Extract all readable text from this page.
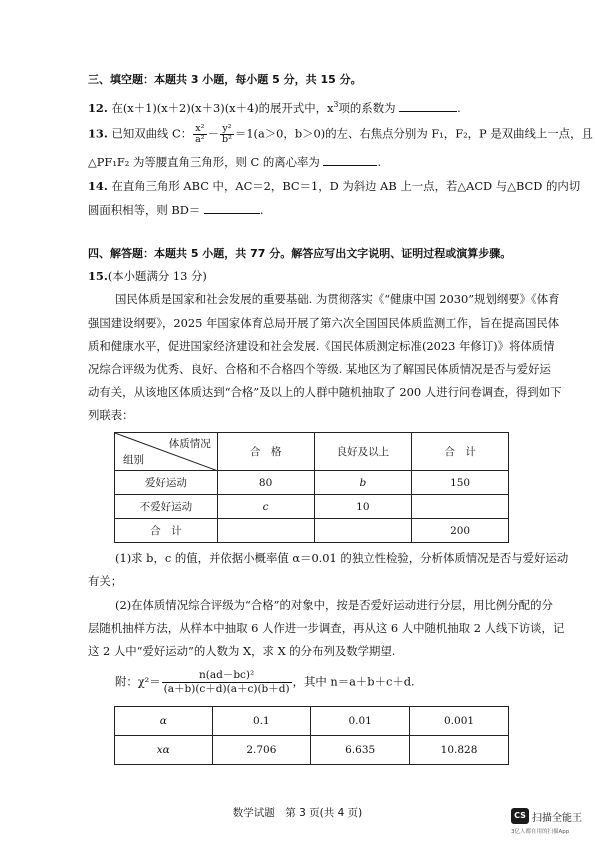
三、填空题：本题共 3 小题，每小题 5 分，共 15 分。
12. 在(x＋1)(x＋2)(x＋3)(x＋4)的展开式中，$x^3$项的系数为	.
13. 已知双曲线 C： $\frac{\text{x²}}{\text{a²}} - \frac{\text{y²}}{\text{b²}} =1(a>0$，b＞0)的左、右焦点分别为 F₁，F₂，P 是双曲线上一点，且
△PF₁F₂ 为等腰直角三角形，则 C 的离心率为	.
14. 在直角三角形 ABC 中，AC＝2，BC＝1，D 为斜边 AB 上一点，若△ACD 与△BCD 的内切
圆面积相等，则 BD＝	.
四、解答题：本题共 5 小题，共 77 分。解答应写出文字说明、证明过程或演算步骤。
15.(本小题满分 13 分)
国民体质是国家和社会发展的重要基础. 为贯彻落实《“健康中国 2030”规划纲要》《体育
强国建设纲要》，2025 年国家体育总局开展了第六次全国国民体质监测工作，旨在提高国民体
质和健康水平，促进国家经济建设和社会发展.《国民体质测定标准(2023 年修订)》将体质情
况综合评级为优秀、良好、合格和不合格四个等级. 某地区为了解国民体质情况是否与爱好运
动有关，从该地区体质达到“合格”及以上的人群中随机抽取了 200 人进行问卷调查，得到如下
列联表：
体质情况
组别	合　格	良好及以上	合　计
爱好运动	80	b	150
不爱好运动	c	10	
合　计			200
(1)求 b，c 的值，并依据小概率值 α＝0.01 的独立性检验，分析体质情况是否与爱好运动
有关；
(2)在体质情况综合评级为“合格”的对象中，按是否爱好运动进行分层，用比例分配的分
层随机抽样方法，从样本中抽取 6 人作进一步调查，再从这 6 人中随机抽取 2 人线下访谈，记
这 2 人中“爱好运动”的人数为 X，求 X 的分布列及数学期望.
附：$\chi^2= \frac{\text{n(ad－bc)²}}{(a+b)(c+d)(a+c)(b+d)}$ ，其中 n＝a＋b＋c＋d.
α	0.1	0.01	0.001
xα	2.706	6.635	10.828
数学试题　第 3 页(共 4 页)	CS 扫描全能王
3亿人都在用的扫描App
